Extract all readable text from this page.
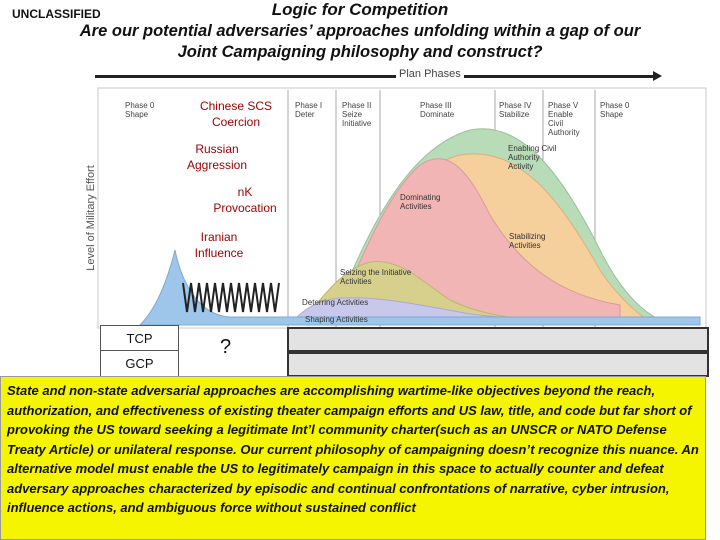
UNCLASSIFIED	Logic for Competition
Are our potential adversaries’ approaches unfolding within a gap of our Joint Campaigning philosophy and construct?
Plan Phases
Level of Military Effort
Phase 0 Shape
Phase I Deter
Phase II Seize Initiative
Phase III Dominate
Phase IV Stabilize
Phase V Enable Civil Authority
Phase 0 Shape
Enabling Civil Authority Activity
Dominating Activities
Stabilizing Activities
Seizing the Initiative Activities
Deterring Activities
Shaping Activities
Chinese SCS Coercion
Russian Aggression
nK Provocation
Iranian Influence
TCP
GCP
?
State and non-state adversarial approaches are accomplishing wartime-like objectives beyond the reach, authorization, and effectiveness of existing theater campaign efforts and US law, title, and code but far short of provoking the US toward seeking a legitimate Int’l community charter(such as an UNSCR or NATO Defense Treaty Article) or unilateral response. Our current philosophy of campaigning doesn’t recognize this nuance. An alternative model must enable the US to legitimately campaign in this space to actually counter and defeat adversary approaches characterized by episodic and continual confrontations of narrative, cyber intrusion, influence actions, and ambiguous force without sustained conflict
